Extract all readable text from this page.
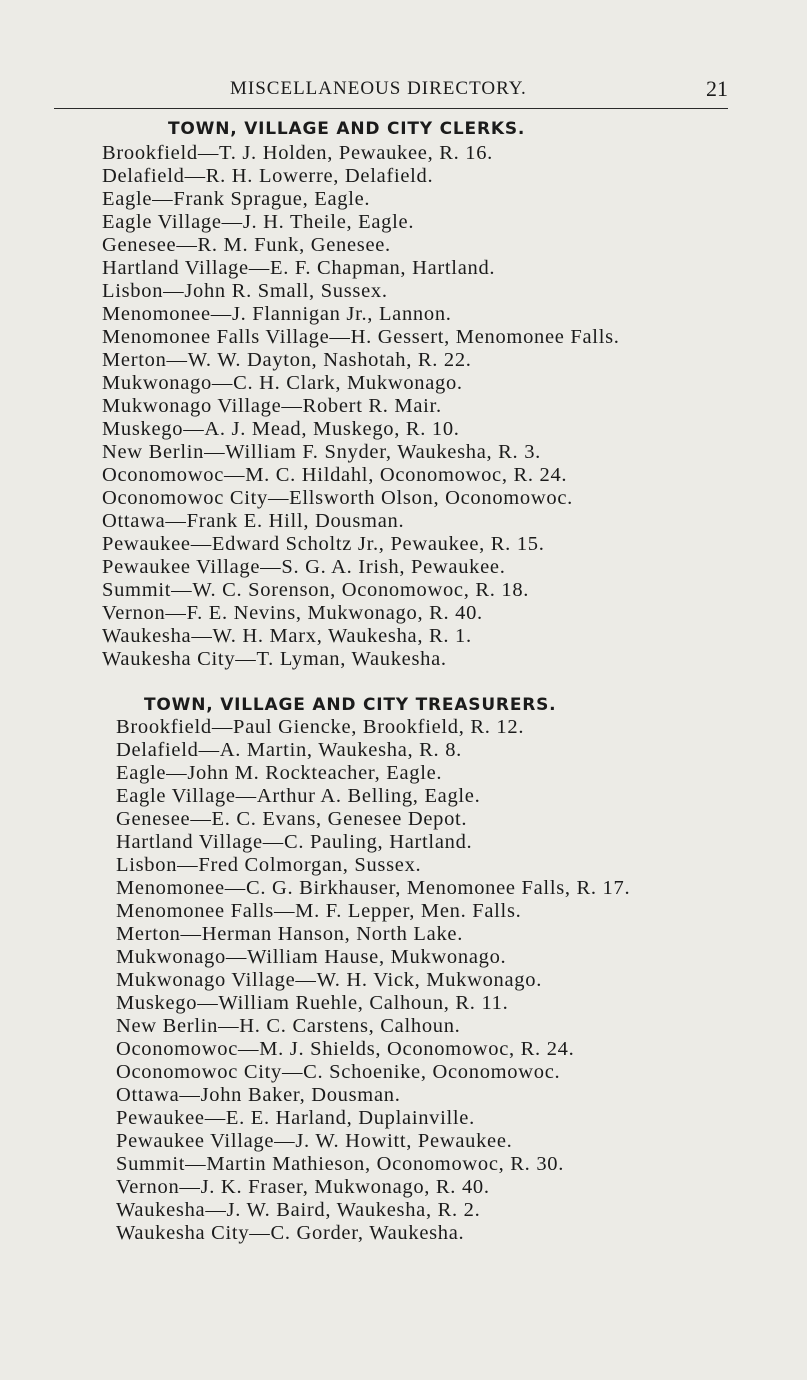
MISCELLANEOUS DIRECTORY.	21
TOWN, VILLAGE AND CITY CLERKS.
Brookfield—T. J. Holden, Pewaukee, R. 16.
Delafield—R. H. Lowerre, Delafield.
Eagle—Frank Sprague, Eagle.
Eagle Village—J. H. Theile, Eagle.
Genesee—R. M. Funk, Genesee.
Hartland Village—E. F. Chapman, Hartland.
Lisbon—John R. Small, Sussex.
Menomonee—J. Flannigan Jr., Lannon.
Menomonee Falls Village—H. Gessert, Menomonee Falls.
Merton—W. W. Dayton, Nashotah, R. 22.
Mukwonago—C. H. Clark, Mukwonago.
Mukwonago Village—Robert R. Mair.
Muskego—A. J. Mead, Muskego, R. 10.
New Berlin—William F. Snyder, Waukesha, R. 3.
Oconomowoc—M. C. Hildahl, Oconomowoc, R. 24.
Oconomowoc City—Ellsworth Olson, Oconomowoc.
Ottawa—Frank E. Hill, Dousman.
Pewaukee—Edward Scholtz Jr., Pewaukee, R. 15.
Pewaukee Village—S. G. A. Irish, Pewaukee.
Summit—W. C. Sorenson, Oconomowoc, R. 18.
Vernon—F. E. Nevins, Mukwonago, R. 40.
Waukesha—W. H. Marx, Waukesha, R. 1.
Waukesha City—T. Lyman, Waukesha.
TOWN, VILLAGE AND CITY TREASURERS.
Brookfield—Paul Giencke, Brookfield, R. 12.
Delafield—A. Martin, Waukesha, R. 8.
Eagle—John M. Rockteacher, Eagle.
Eagle Village—Arthur A. Belling, Eagle.
Genesee—E. C. Evans, Genesee Depot.
Hartland Village—C. Pauling, Hartland.
Lisbon—Fred Colmorgan, Sussex.
Menomonee—C. G. Birkhauser, Menomonee Falls, R. 17.
Menomonee Falls—M. F. Lepper, Men. Falls.
Merton—Herman Hanson, North Lake.
Mukwonago—William Hause, Mukwonago.
Mukwonago Village—W. H. Vick, Mukwonago.
Muskego—William Ruehle, Calhoun, R. 11.
New Berlin—H. C. Carstens, Calhoun.
Oconomowoc—M. J. Shields, Oconomowoc, R. 24.
Oconomowoc City—C. Schoenike, Oconomowoc.
Ottawa—John Baker, Dousman.
Pewaukee—E. E. Harland, Duplainville.
Pewaukee Village—J. W. Howitt, Pewaukee.
Summit—Martin Mathieson, Oconomowoc, R. 30.
Vernon—J. K. Fraser, Mukwonago, R. 40.
Waukesha—J. W. Baird, Waukesha, R. 2.
Waukesha City—C. Gorder, Waukesha.
